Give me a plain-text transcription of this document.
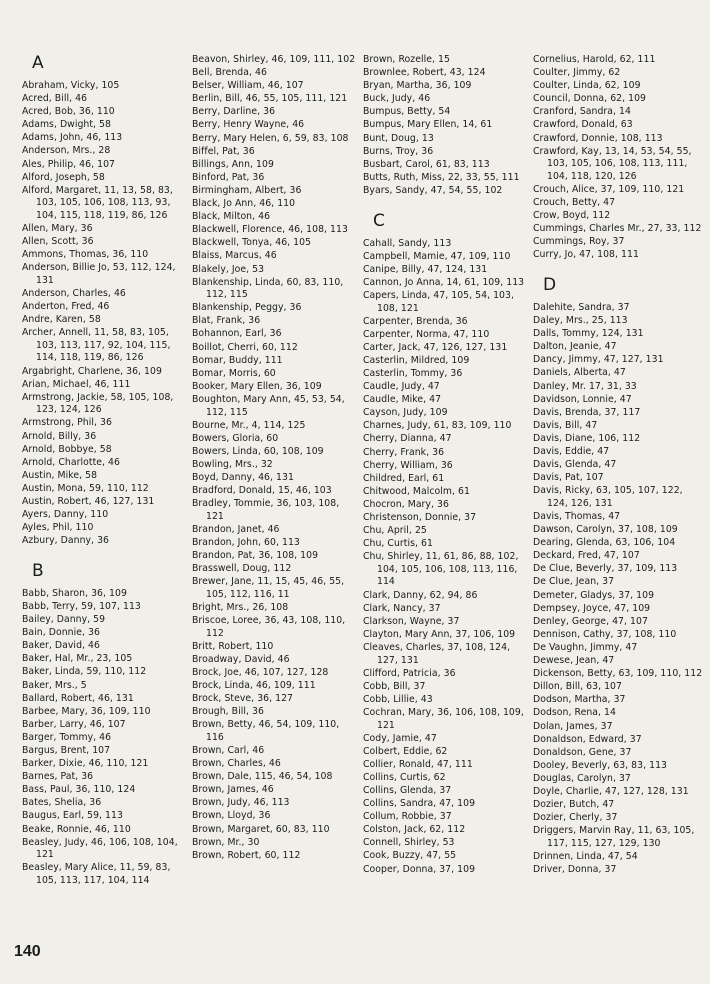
A
Abraham, Vicky, 105
Acred, Bill, 46
Acred, Bob, 36, 110
Adams, Dwight, 58
Adams, John, 46, 113
Anderson, Mrs., 28
Ales, Philip, 46, 107
Alford, Joseph, 58
Alford, Margaret, 11, 13, 58, 83, 103, 105, 106, 108, 113, 93, 104, 115, 118, 119, 86, 126
Allen, Mary, 36
Allen, Scott, 36
Ammons, Thomas, 36, 110
Anderson, Billie Jo, 53, 112, 124, 131
Anderson, Charles, 46
Anderton, Fred, 46
Andre, Karen, 58
Archer, Annell, 11, 58, 83, 105, 103, 113, 117, 92, 104, 115, 114, 118, 119, 86, 126
Argabright, Charlene, 36, 109
Arian, Michael, 46, 111
Armstrong, Jackie, 58, 105, 108, 123, 124, 126
Armstrong, Phil, 36
Arnold, Billy, 36
Arnold, Bobbye, 58
Arnold, Charlotte, 46
Austin, Mike, 58
Austin, Mona, 59, 110, 112
Austin, Robert, 46, 127, 131
Ayers, Danny, 110
Ayles, Phil, 110
Azbury, Danny, 36
B
Babb, Sharon, 36, 109
Babb, Terry, 59, 107, 113
Bailey, Danny, 59
Bain, Donnie, 36
Baker, David, 46
Baker, Hal, Mr., 23, 105
Baker, Linda, 59, 110, 112
Baker, Mrs., 5
Ballard, Robert, 46, 131
Barbee, Mary, 36, 109, 110
Barber, Larry, 46, 107
Barger, Tommy, 46
Bargus, Brent, 107
Barker, Dixie, 46, 110, 121
Barnes, Pat, 36
Bass, Paul, 36, 110, 124
Bates, Shelia, 36
Baugus, Earl, 59, 113
Beake, Ronnie, 46, 110
Beasley, Judy, 46, 106, 108, 104, 121
Beasley, Mary Alice, 11, 59, 83, 105, 113, 117, 104, 114
Beavon, Shirley, 46, 109, 111, 102
Bell, Brenda, 46
Belser, William, 46, 107
Berlin, Bill, 46, 55, 105, 111, 121
Berry, Darline, 36
Berry, Henry Wayne, 46
Berry, Mary Helen, 6, 59, 83, 108
Biffel, Pat, 36
Billings, Ann, 109
Binford, Pat, 36
Birmingham, Albert, 36
Black, Jo Ann, 46, 110
Black, Milton, 46
Blackwell, Florence, 46, 108, 113
Blackwell, Tonya, 46, 105
Blaiss, Marcus, 46
Blakely, Joe, 53
Blankenship, Linda, 60, 83, 110, 112, 115
Blankenship, Peggy, 36
Blat, Frank, 36
Bohannon, Earl, 36
Boillot, Cherri, 60, 112
Bomar, Buddy, 111
Bomar, Morris, 60
Booker, Mary Ellen, 36, 109
Boughton, Mary Ann, 45, 53, 54, 112, 115
Bourne, Mr., 4, 114, 125
Bowers, Gloria, 60
Bowers, Linda, 60, 108, 109
Bowling, Mrs., 32
Boyd, Danny, 46, 131
Bradford, Donald, 15, 46, 103
Bradley, Tommie, 36, 103, 108, 121
Brandon, Janet, 46
Brandon, John, 60, 113
Brandon, Pat, 36, 108, 109
Brasswell, Doug, 112
Brewer, Jane, 11, 15, 45, 46, 55, 105, 112, 116, 11
Bright, Mrs., 26, 108
Briscoe, Loree, 36, 43, 108, 110, 112
Britt, Robert, 110
Broadway, David, 46
Brock, Joe, 46, 107, 127, 128
Brock, Linda, 46, 109, 111
Brock, Steve, 36, 127
Brough, Bill, 36
Brown, Betty, 46, 54, 109, 110, 116
Brown, Carl, 46
Brown, Charles, 46
Brown, Dale, 115, 46, 54, 108
Brown, James, 46
Brown, Judy, 46, 113
Brown, Lloyd, 36
Brown, Margaret, 60, 83, 110
Brown, Mr., 30
Brown, Robert, 60, 112
Brown, Rozelle, 15
Brownlee, Robert, 43, 124
Bryan, Martha, 36, 109
Buck, Judy, 46
Bumpus, Betty, 54
Bumpus, Mary Ellen, 14, 61
Bunt, Doug, 13
Burns, Troy, 36
Busbart, Carol, 61, 83, 113
Butts, Ruth, Miss, 22, 33, 55, 111
Byars, Sandy, 47, 54, 55, 102
C
Cahall, Sandy, 113
Campbell, Mamie, 47, 109, 110
Canipe, Billy, 47, 124, 131
Cannon, Jo Anna, 14, 61, 109, 113
Capers, Linda, 47, 105, 54, 103, 108, 121
Carpenter, Brenda, 36
Carpenter, Norma, 47, 110
Carter, Jack, 47, 126, 127, 131
Casterlin, Mildred, 109
Casterlin, Tommy, 36
Caudle, Judy, 47
Caudle, Mike, 47
Cayson, Judy, 109
Charnes, Judy, 61, 83, 109, 110
Cherry, Dianna, 47
Cherry, Frank, 36
Cherry, William, 36
Childred, Earl, 61
Chitwood, Malcolm, 61
Chocron, Mary, 36
Christenson, Donnie, 37
Chu, April, 25
Chu, Curtis, 61
Chu, Shirley, 11, 61, 86, 88, 102, 104, 105, 106, 108, 113, 116, 114
Clark, Danny, 62, 94, 86
Clark, Nancy, 37
Clarkson, Wayne, 37
Clayton, Mary Ann, 37, 106, 109
Cleaves, Charles, 37, 108, 124, 127, 131
Clifford, Patricia, 36
Cobb, Bill, 37
Cobb, Lillie, 43
Cochran, Mary, 36, 106, 108, 109, 121
Cody, Jamie, 47
Colbert, Eddie, 62
Collier, Ronald, 47, 111
Collins, Curtis, 62
Collins, Glenda, 37
Collins, Sandra, 47, 109
Collum, Robbie, 37
Colston, Jack, 62, 112
Connell, Shirley, 53
Cook, Buzzy, 47, 55
Cooper, Donna, 37, 109
Cornelius, Harold, 62, 111
Coulter, Jimmy, 62
Coulter, Linda, 62, 109
Council, Donna, 62, 109
Cranford, Sandra, 14
Crawford, Donald, 63
Crawford, Donnie, 108, 113
Crawford, Kay, 13, 14, 53, 54, 55, 103, 105, 106, 108, 113, 111, 104, 118, 120, 126
Crouch, Alice, 37, 109, 110, 121
Crouch, Betty, 47
Crow, Boyd, 112
Cummings, Charles Mr., 27, 33, 112
Cummings, Roy, 37
Curry, Jo, 47, 108, 111
D
Dalehite, Sandra, 37
Daley, Mrs., 25, 113
Dalls, Tommy, 124, 131
Dalton, Jeanie, 47
Dancy, Jimmy, 47, 127, 131
Daniels, Alberta, 47
Danley, Mr. 17, 31, 33
Davidson, Lonnie, 47
Davis, Brenda, 37, 117
Davis, Bill, 47
Davis, Diane, 106, 112
Davis, Eddie, 47
Davis, Glenda, 47
Davis, Pat, 107
Davis, Ricky, 63, 105, 107, 122, 124, 126, 131
Davis, Thomas, 47
Dawson, Carolyn, 37, 108, 109
Dearing, Glenda, 63, 106, 104
Deckard, Fred, 47, 107
De Clue, Beverly, 37, 109, 113
De Clue, Jean, 37
Demeter, Gladys, 37, 109
Dempsey, Joyce, 47, 109
Denley, George, 47, 107
Dennison, Cathy, 37, 108, 110
De Vaughn, Jimmy, 47
Dewese, Jean, 47
Dickenson, Betty, 63, 109, 110, 112
Dillon, Bill, 63, 107
Dodson, Martha, 37
Dodson, Rena, 14
Dolan, James, 37
Donaldson, Edward, 37
Donaldson, Gene, 37
Dooley, Beverly, 63, 83, 113
Douglas, Carolyn, 37
Doyle, Charlie, 47, 127, 128, 131
Dozier, Butch, 47
Dozier, Cherly, 37
Driggers, Marvin Ray, 11, 63, 105, 117, 115, 127, 129, 130
Drinnen, Linda, 47, 54
Driver, Donna, 37
140
